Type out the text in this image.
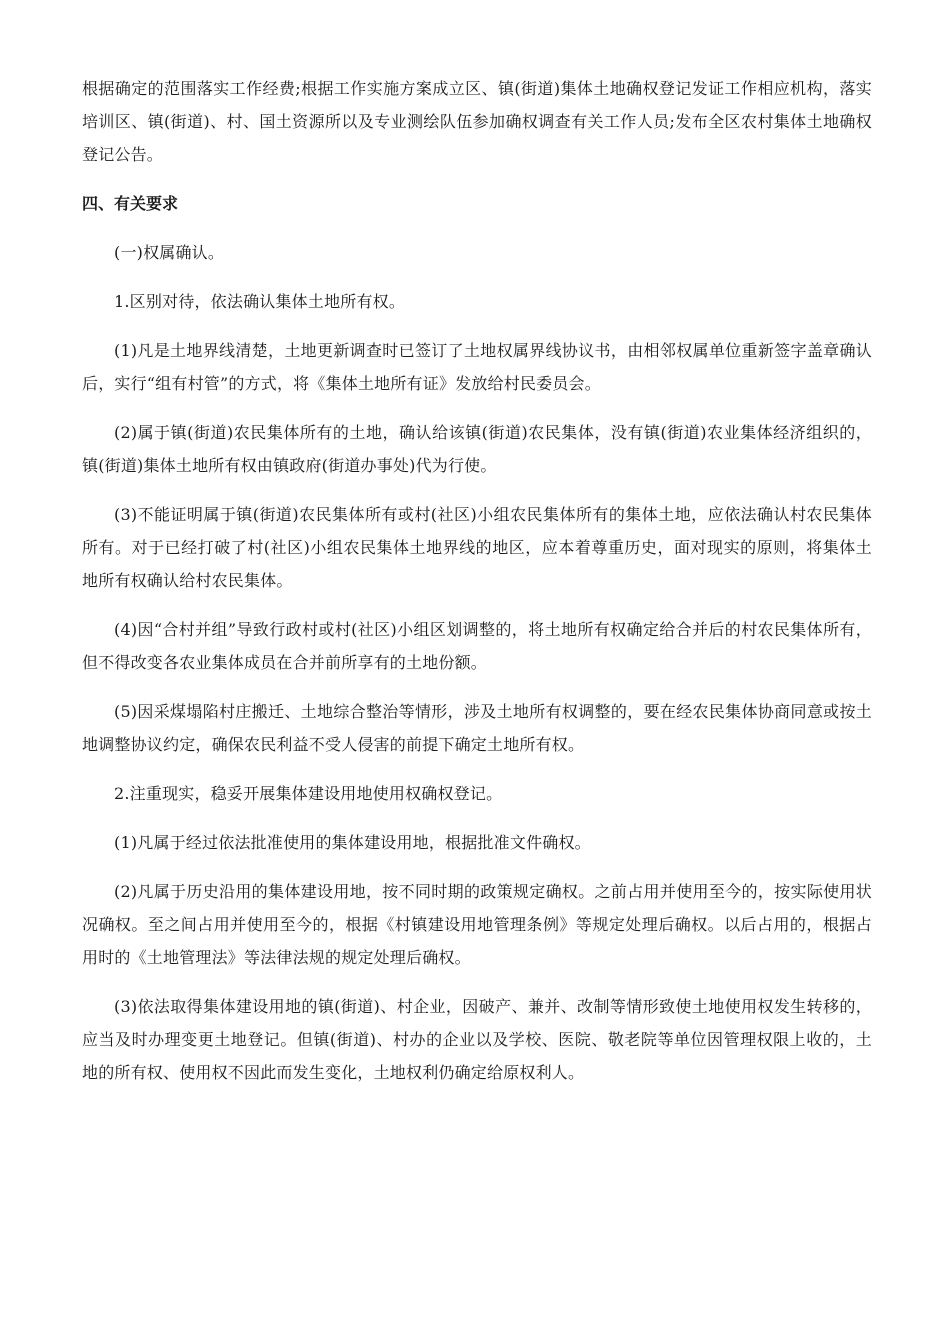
根据确定的范围落实工作经费;根据工作实施方案成立区、镇(街道)集体土地确权登记发证工作相应机构，落实培训区、镇(街道)、村、国土资源所以及专业测绘队伍参加确权调查有关工作人员;发布全区农村集体土地确权登记公告。

四、有关要求

(一)权属确认。

1.区别对待，依法确认集体土地所有权。

(1)凡是土地界线清楚，土地更新调查时已签订了土地权属界线协议书，由相邻权属单位重新签字盖章确认后，实行“组有村管”的方式，将《集体土地所有证》发放给村民委员会。

(2)属于镇(街道)农民集体所有的土地，确认给该镇(街道)农民集体，没有镇(街道)农业集体经济组织的，镇(街道)集体土地所有权由镇政府(街道办事处)代为行使。

(3)不能证明属于镇(街道)农民集体所有或村(社区)小组农民集体所有的集体土地，应依法确认村农民集体所有。对于已经打破了村(社区)小组农民集体土地界线的地区，应本着尊重历史，面对现实的原则，将集体土地所有权确认给村农民集体。

(4)因“合村并组”导致行政村或村(社区)小组区划调整的，将土地所有权确定给合并后的村农民集体所有，但不得改变各农业集体成员在合并前所享有的土地份额。

(5)因采煤塌陷村庄搬迁、土地综合整治等情形，涉及土地所有权调整的，要在经农民集体协商同意或按土地调整协议约定，确保农民利益不受人侵害的前提下确定土地所有权。

2.注重现实，稳妥开展集体建设用地使用权确权登记。

(1)凡属于经过依法批准使用的集体建设用地，根据批准文件确权。

(2)凡属于历史沿用的集体建设用地，按不同时期的政策规定确权。之前占用并使用至今的，按实际使用状况确权。至之间占用并使用至今的，根据《村镇建设用地管理条例》等规定处理后确权。以后占用的，根据占用时的《土地管理法》等法律法规的规定处理后确权。

(3)依法取得集体建设用地的镇(街道)、村企业，因破产、兼并、改制等情形致使土地使用权发生转移的，应当及时办理变更土地登记。但镇(街道)、村办的企业以及学校、医院、敬老院等单位因管理权限上收的，土地的所有权、使用权不因此而发生变化，土地权利仍确定给原权利人。
